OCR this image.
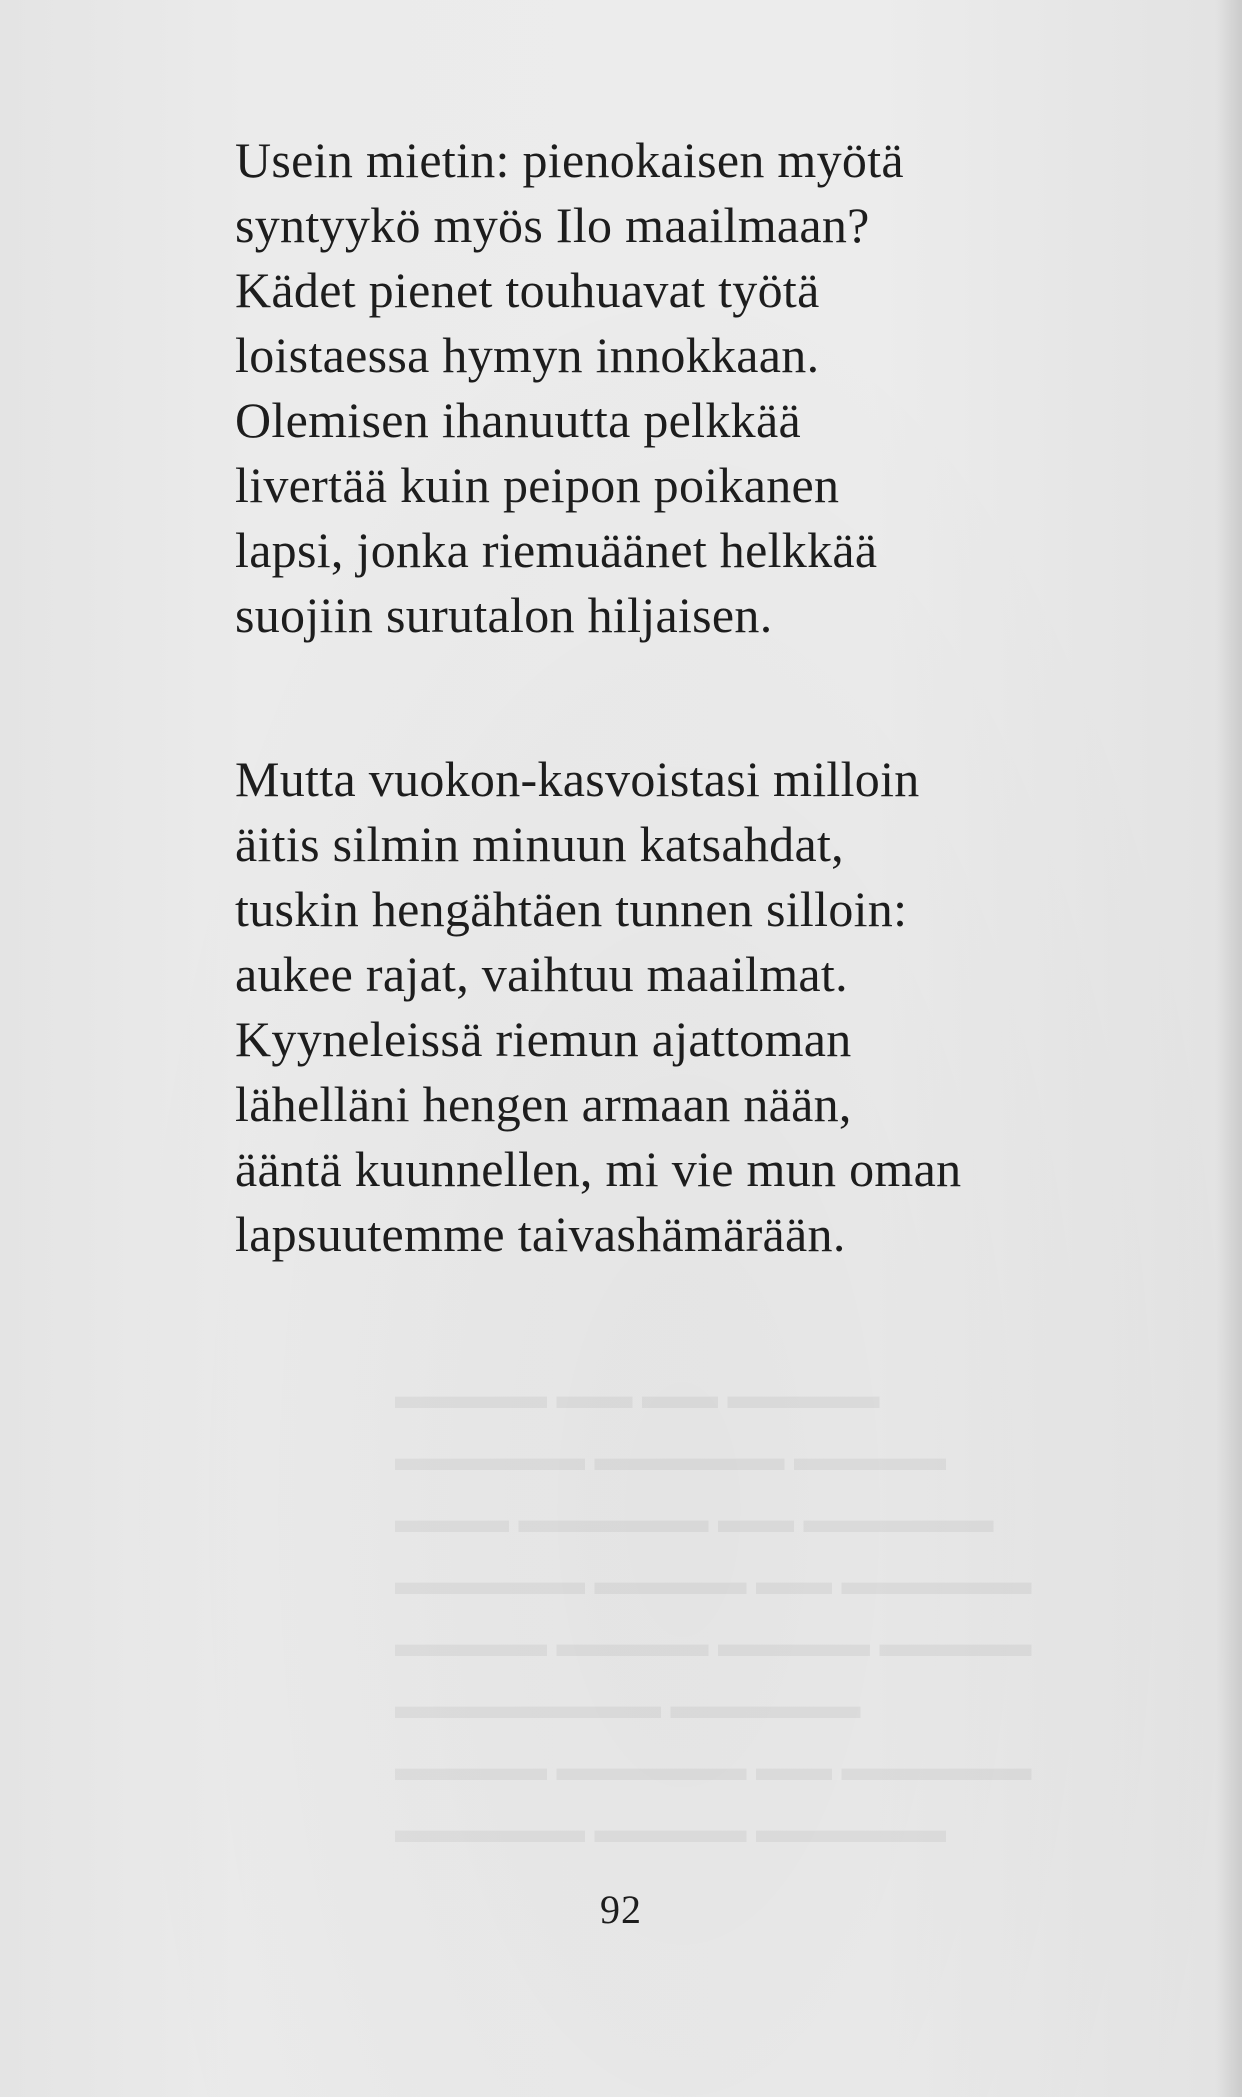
▬▬▬▬ ▬▬ ▬▬ ▬▬▬▬
▬▬▬▬ ▬▬▬▬▬ ▬▬▬▬▬
▬▬▬▬▬ ▬▬ ▬▬▬▬▬ ▬▬▬
▬▬▬▬▬ ▬▬ ▬▬▬▬ ▬▬▬▬▬
▬▬▬▬ ▬▬▬▬ ▬▬▬▬ ▬▬▬▬
▬▬▬▬▬ ▬▬▬▬▬▬▬
▬▬▬▬▬ ▬▬ ▬▬▬▬▬ ▬▬▬▬
▬▬▬▬▬ ▬▬▬▬ ▬▬▬▬▬
Usein mietin: pienokaisen myötä
syntyykö myös Ilo maailmaan?
Kädet pienet touhuavat työtä
loistaessa hymyn innokkaan.
Olemisen ihanuutta pelkkää
livertää kuin peipon poikanen
lapsi, jonka riemuäänet helkkää
suojiin surutalon hiljaisen.
Mutta vuokon-kasvoistasi milloin
äitis silmin minuun katsahdat,
tuskin hengähtäen tunnen silloin:
aukee rajat, vaihtuu maailmat.
Kyyneleissä riemun ajattoman
lähelläni hengen armaan nään,
ääntä kuunnellen, mi vie mun oman
lapsuutemme taivashämärään.
92
